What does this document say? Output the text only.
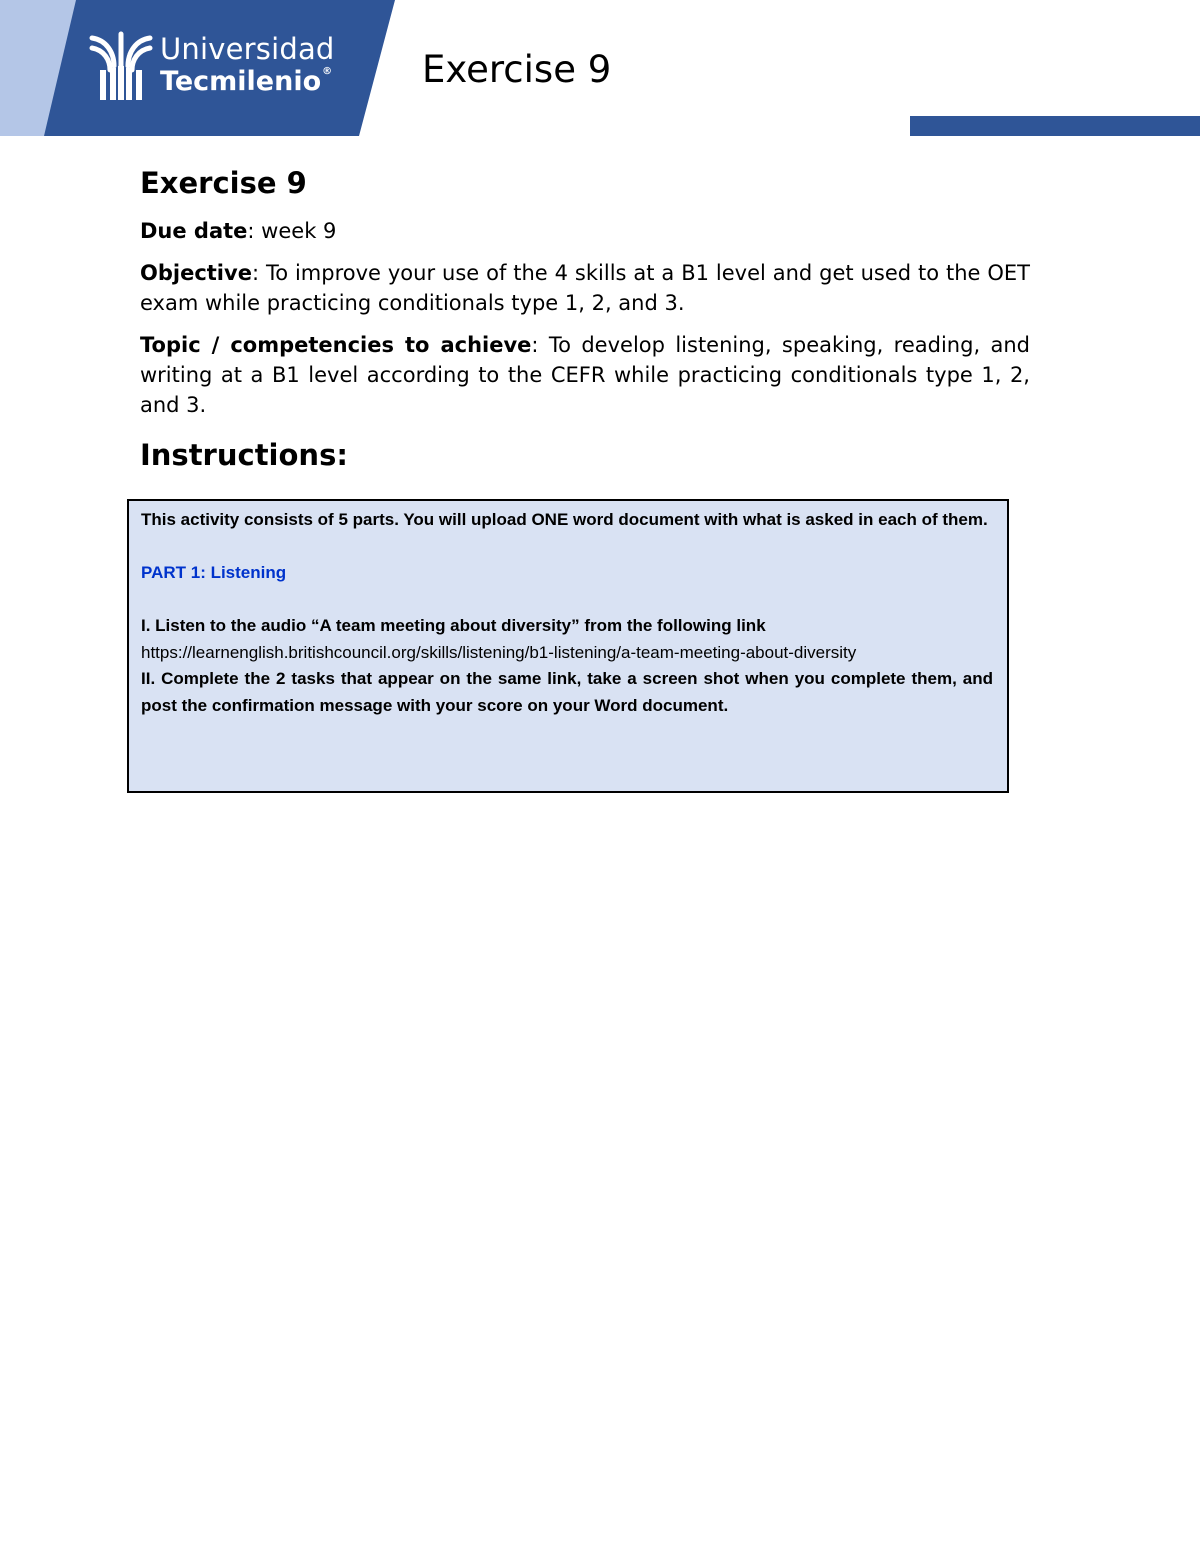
Universidad
Tecmilenio® Exercise 9
Exercise 9

Due date: week 9

Objective: To improve your use of the 4 skills at a B1 level and get used to the OET exam while practicing conditionals type 1, 2, and 3.

Topic / competencies to achieve: To develop listening, speaking, reading, and writing at a B1 level according to the CEFR while practicing conditionals type 1, 2, and 3.

Instructions:

This activity consists of 5 parts. You will upload ONE word document with what is asked in each of them.

PART 1: Listening

I. Listen to the audio “A team meeting about diversity” from the following link

https://learnenglish.britishcouncil.org/skills/listening/b1-listening/a-team-meeting-about-diversity

II. Complete the 2 tasks that appear on the same link, take a screen shot when you complete them, and post the confirmation message with your score on your Word document.
